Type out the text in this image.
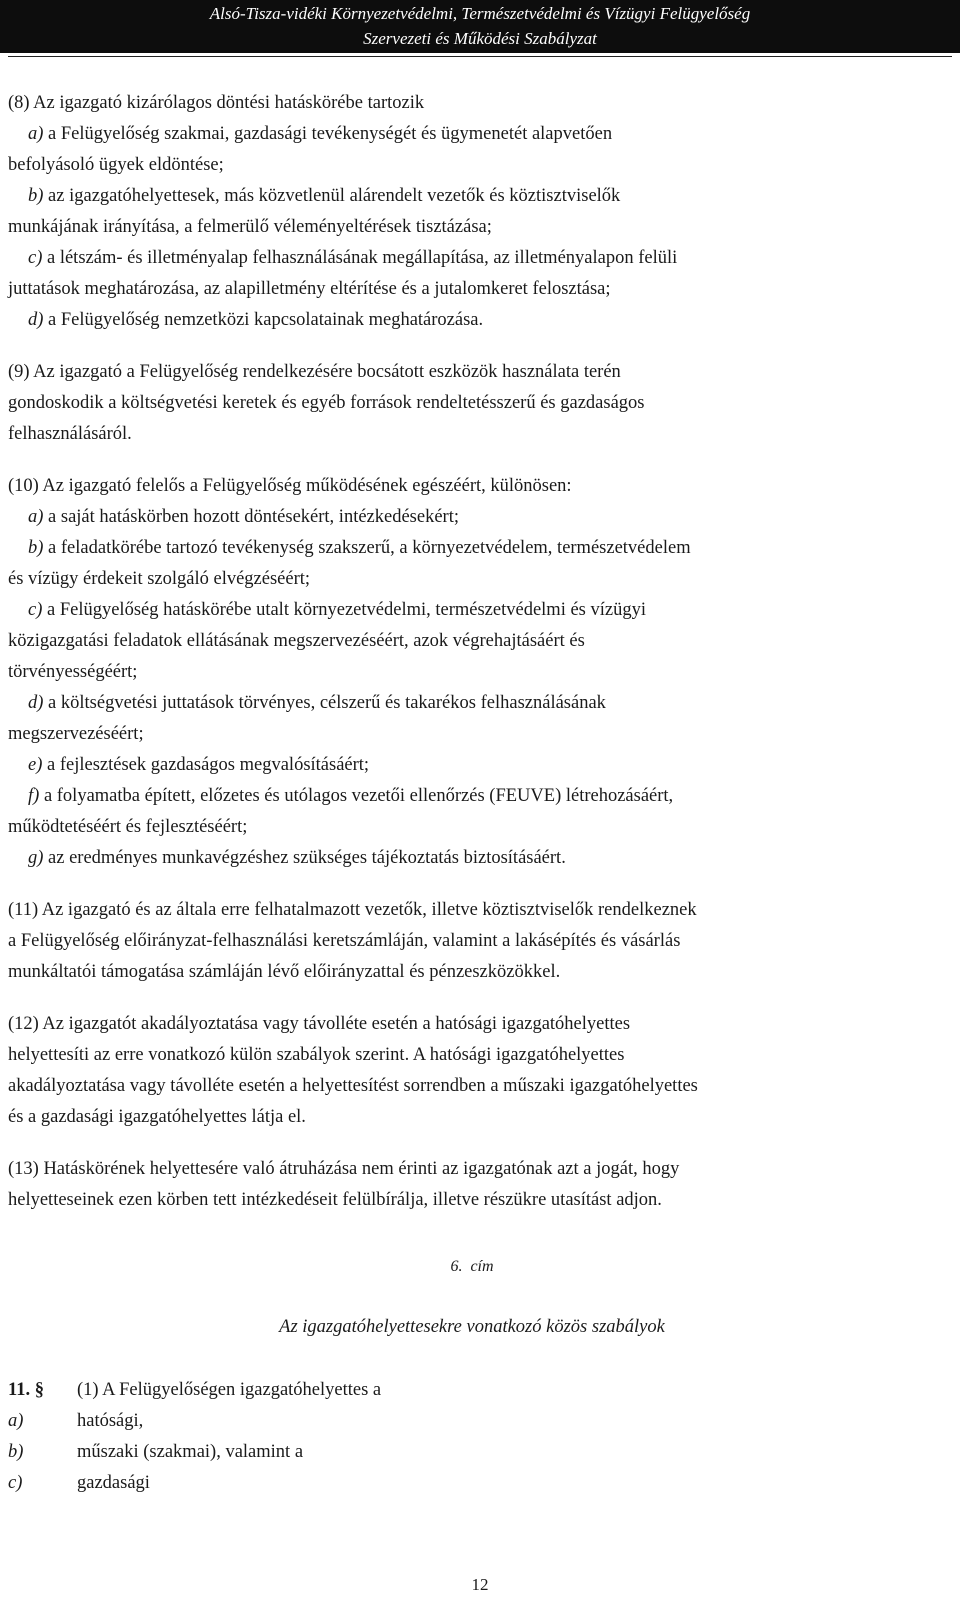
Alsó-Tisza-vidéki Környezetvédelmi, Természetvédelmi és Vízügyi Felügyelőség
Szervezeti és Működési Szabályzat
(8) Az igazgató kizárólagos döntési hatáskörébe tartozik
a) a Felügyelőség szakmai, gazdasági tevékenységét és ügymenetét alapvetően
befolyásoló ügyek eldöntése;
b) az igazgatóhelyettesek, más közvetlenül alárendelt vezetők és köztisztviselők
munkájának irányítása, a felmerülő véleményeltérések tisztázása;
c) a létszám- és illetményalap felhasználásának megállapítása, az illetményalapon felüli
juttatások meghatározása, az alapilletmény eltérítése és a jutalomkeret felosztása;
d) a Felügyelőség nemzetközi kapcsolatainak meghatározása.
(9) Az igazgató a Felügyelőség rendelkezésére bocsátott eszközök használata terén
gondoskodik a költségvetési keretek és egyéb források rendeltetésszerű és gazdaságos
felhasználásáról.
(10) Az igazgató felelős a Felügyelőség működésének egészéért, különösen:
a) a saját hatáskörben hozott döntésekért, intézkedésekért;
b) a feladatkörébe tartozó tevékenység szakszerű, a környezetvédelem, természetvédelem
és vízügy érdekeit szolgáló elvégzéséért;
c) a Felügyelőség hatáskörébe utalt környezetvédelmi, természetvédelmi és vízügyi
közigazgatási feladatok ellátásának megszervezéséért, azok végrehajtásáért és
törvényességéért;
d) a költségvetési juttatások törvényes, célszerű és takarékos felhasználásának
megszervezéséért;
e) a fejlesztések gazdaságos megvalósításáért;
f) a folyamatba épített, előzetes és utólagos vezetői ellenőrzés (FEUVE) létrehozásáért,
működtetéséért és fejlesztéséért;
g) az eredményes munkavégzéshez szükséges tájékoztatás biztosításáért.
(11) Az igazgató és az általa erre felhatalmazott vezetők, illetve köztisztviselők rendelkeznek
a Felügyelőség előirányzat-felhasználási keretszámláján, valamint a lakásépítés és vásárlás
munkáltatói támogatása számláján lévő előirányzattal és pénzeszközökkel.
(12) Az igazgatót akadályoztatása vagy távolléte esetén a hatósági igazgatóhelyettes
helyettesíti az erre vonatkozó külön szabályok szerint. A hatósági igazgatóhelyettes
akadályoztatása vagy távolléte esetén a helyettesítést sorrendben a műszaki igazgatóhelyettes
és a gazdasági igazgatóhelyettes látja el.
(13) Hatáskörének helyettesére való átruházása nem érinti az igazgatónak azt a jogát, hogy
helyetteseinek ezen körben tett intézkedéseit felülbírálja, illetve részükre utasítást adjon.
6. cím
Az igazgatóhelyettesekre vonatkozó közös szabályok
11. §	(1) A Felügyelőségen igazgatóhelyettes a
a)	hatósági,
b)	műszaki (szakmai), valamint a
c)	gazdasági
12
